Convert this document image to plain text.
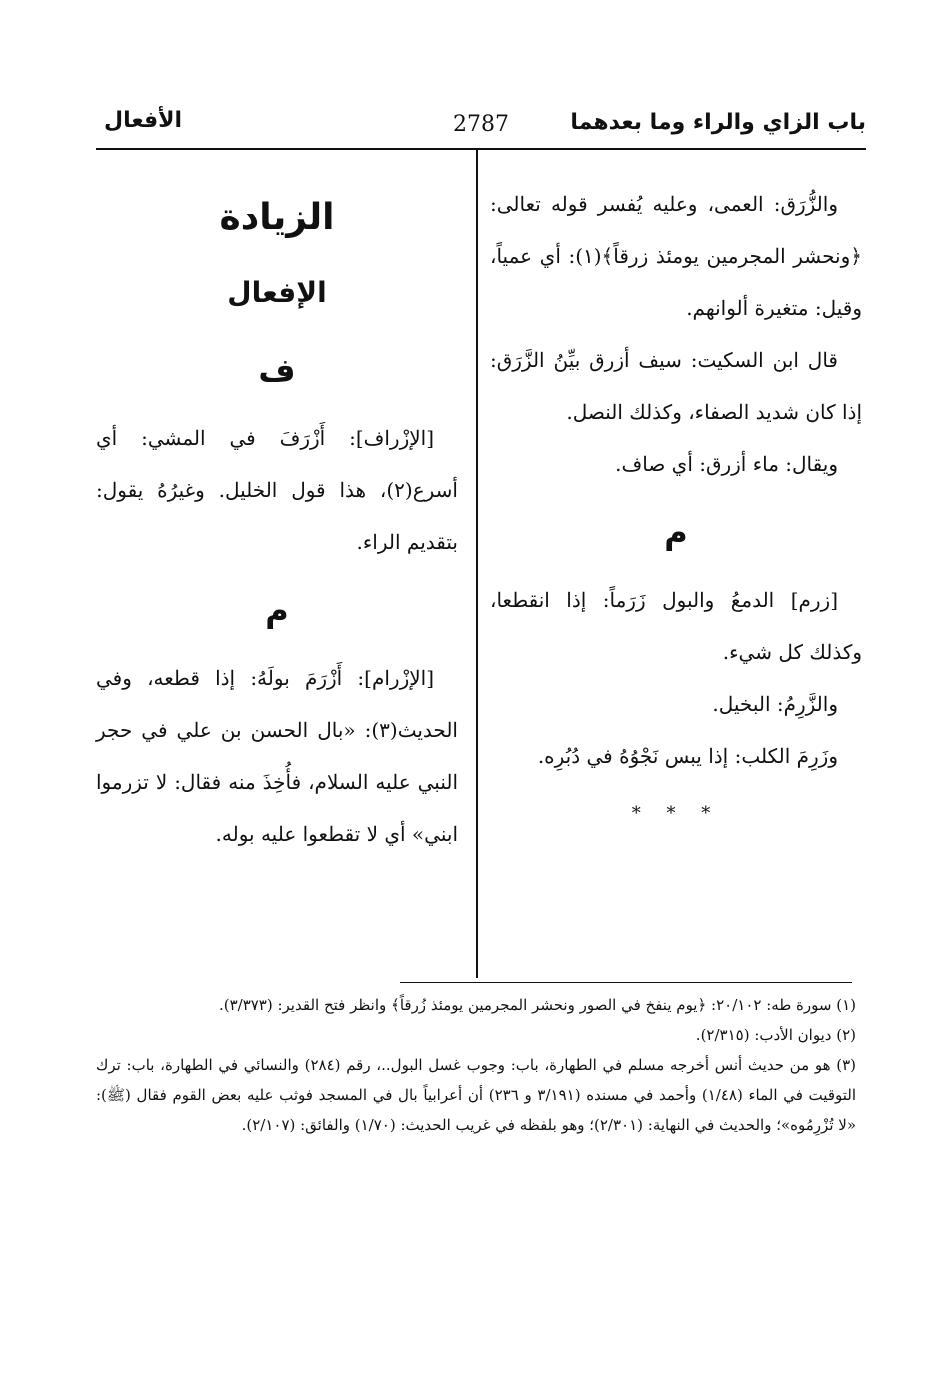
باب الزاي والراء وما بعدهما
2787
الأفعال

والزُّرَق: العمى، وعليه يُفسر قوله تعالى: ﴿ونحشر المجرمين يومئذ زرقاً﴾(١): أي عمياً، وقيل: متغيرة ألوانهم.

قال ابن السكيت: سيف أزرق بيِّنُ الزَّرَق: إذا كان شديد الصفاء، وكذلك النصل.

ويقال: ماء أزرق: أي صاف.

م

[زرم] الدمعُ والبول زَرَماً: إذا انقطعا، وكذلك كل شيء.

والزَّرِمُ: البخيل.

وزَرِمَ الكلب: إذا يبس نَجْوُهُ في دُبُرِه.

* * *

الزيادة
الإفعال
ف

[الإزْراف]: أَزْرَفَ في المشي: أي أسرع(٢)، هذا قول الخليل. وغيرُهُ يقول: بتقديم الراء.

م

[الإزْرام]: أَزْرَمَ بولَهُ: إذا قطعه، وفي الحديث(٣): «بال الحسن بن علي في حجر النبي عليه السلام، فأُخِذَ منه فقال: لا تزرموا ابني» أي لا تقطعوا عليه بوله.

(١) سورة طه: ٢٠/١٠٢: ﴿يوم ينفخ في الصور ونحشر المجرمين يومئذ زُرقاً﴾ وانظر فتح القدير: (٣/٣٧٣).

(٢) ديوان الأدب: (٢/٣١٥).

(٣) هو من حديث أنس أخرجه مسلم في الطهارة، باب: وجوب غسل البول..، رقم (٢٨٤) والنسائي في الطهارة، باب: ترك التوقيت في الماء (١/٤٨) وأحمد في مسنده (٣/١٩١ و ٢٣٦) أن أعرابياً بال في المسجد فوثب عليه بعض القوم فقال (ﷺ): «لا تُزْرِمُوه»؛ والحديث في النهاية: (٢/٣٠١)؛ وهو بلفظه في غريب الحديث: (١/٧٠) والفائق: (٢/١٠٧).
